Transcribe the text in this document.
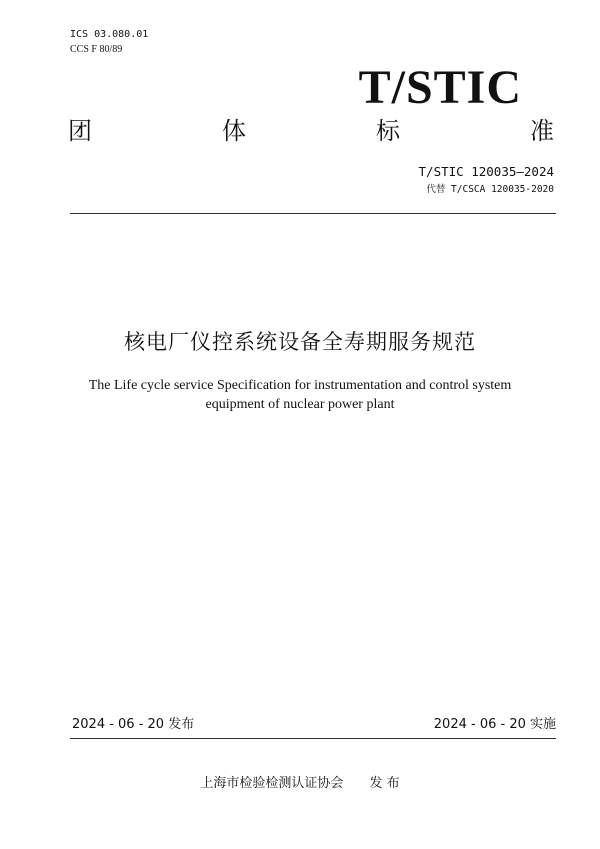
ICS 03.080.01
CCS F 80/89
T/STIC
团	体	标	准
T/STIC 120035—2024
代替 T/CSCA 120035-2020
核电厂仪控系统设备全寿期服务规范
The Life cycle service Specification for instrumentation and control system
equipment of nuclear power plant
2024 - 06 - 20 发布	2024 - 06 - 20 实施
上海市检验检测认证协会 发 布
